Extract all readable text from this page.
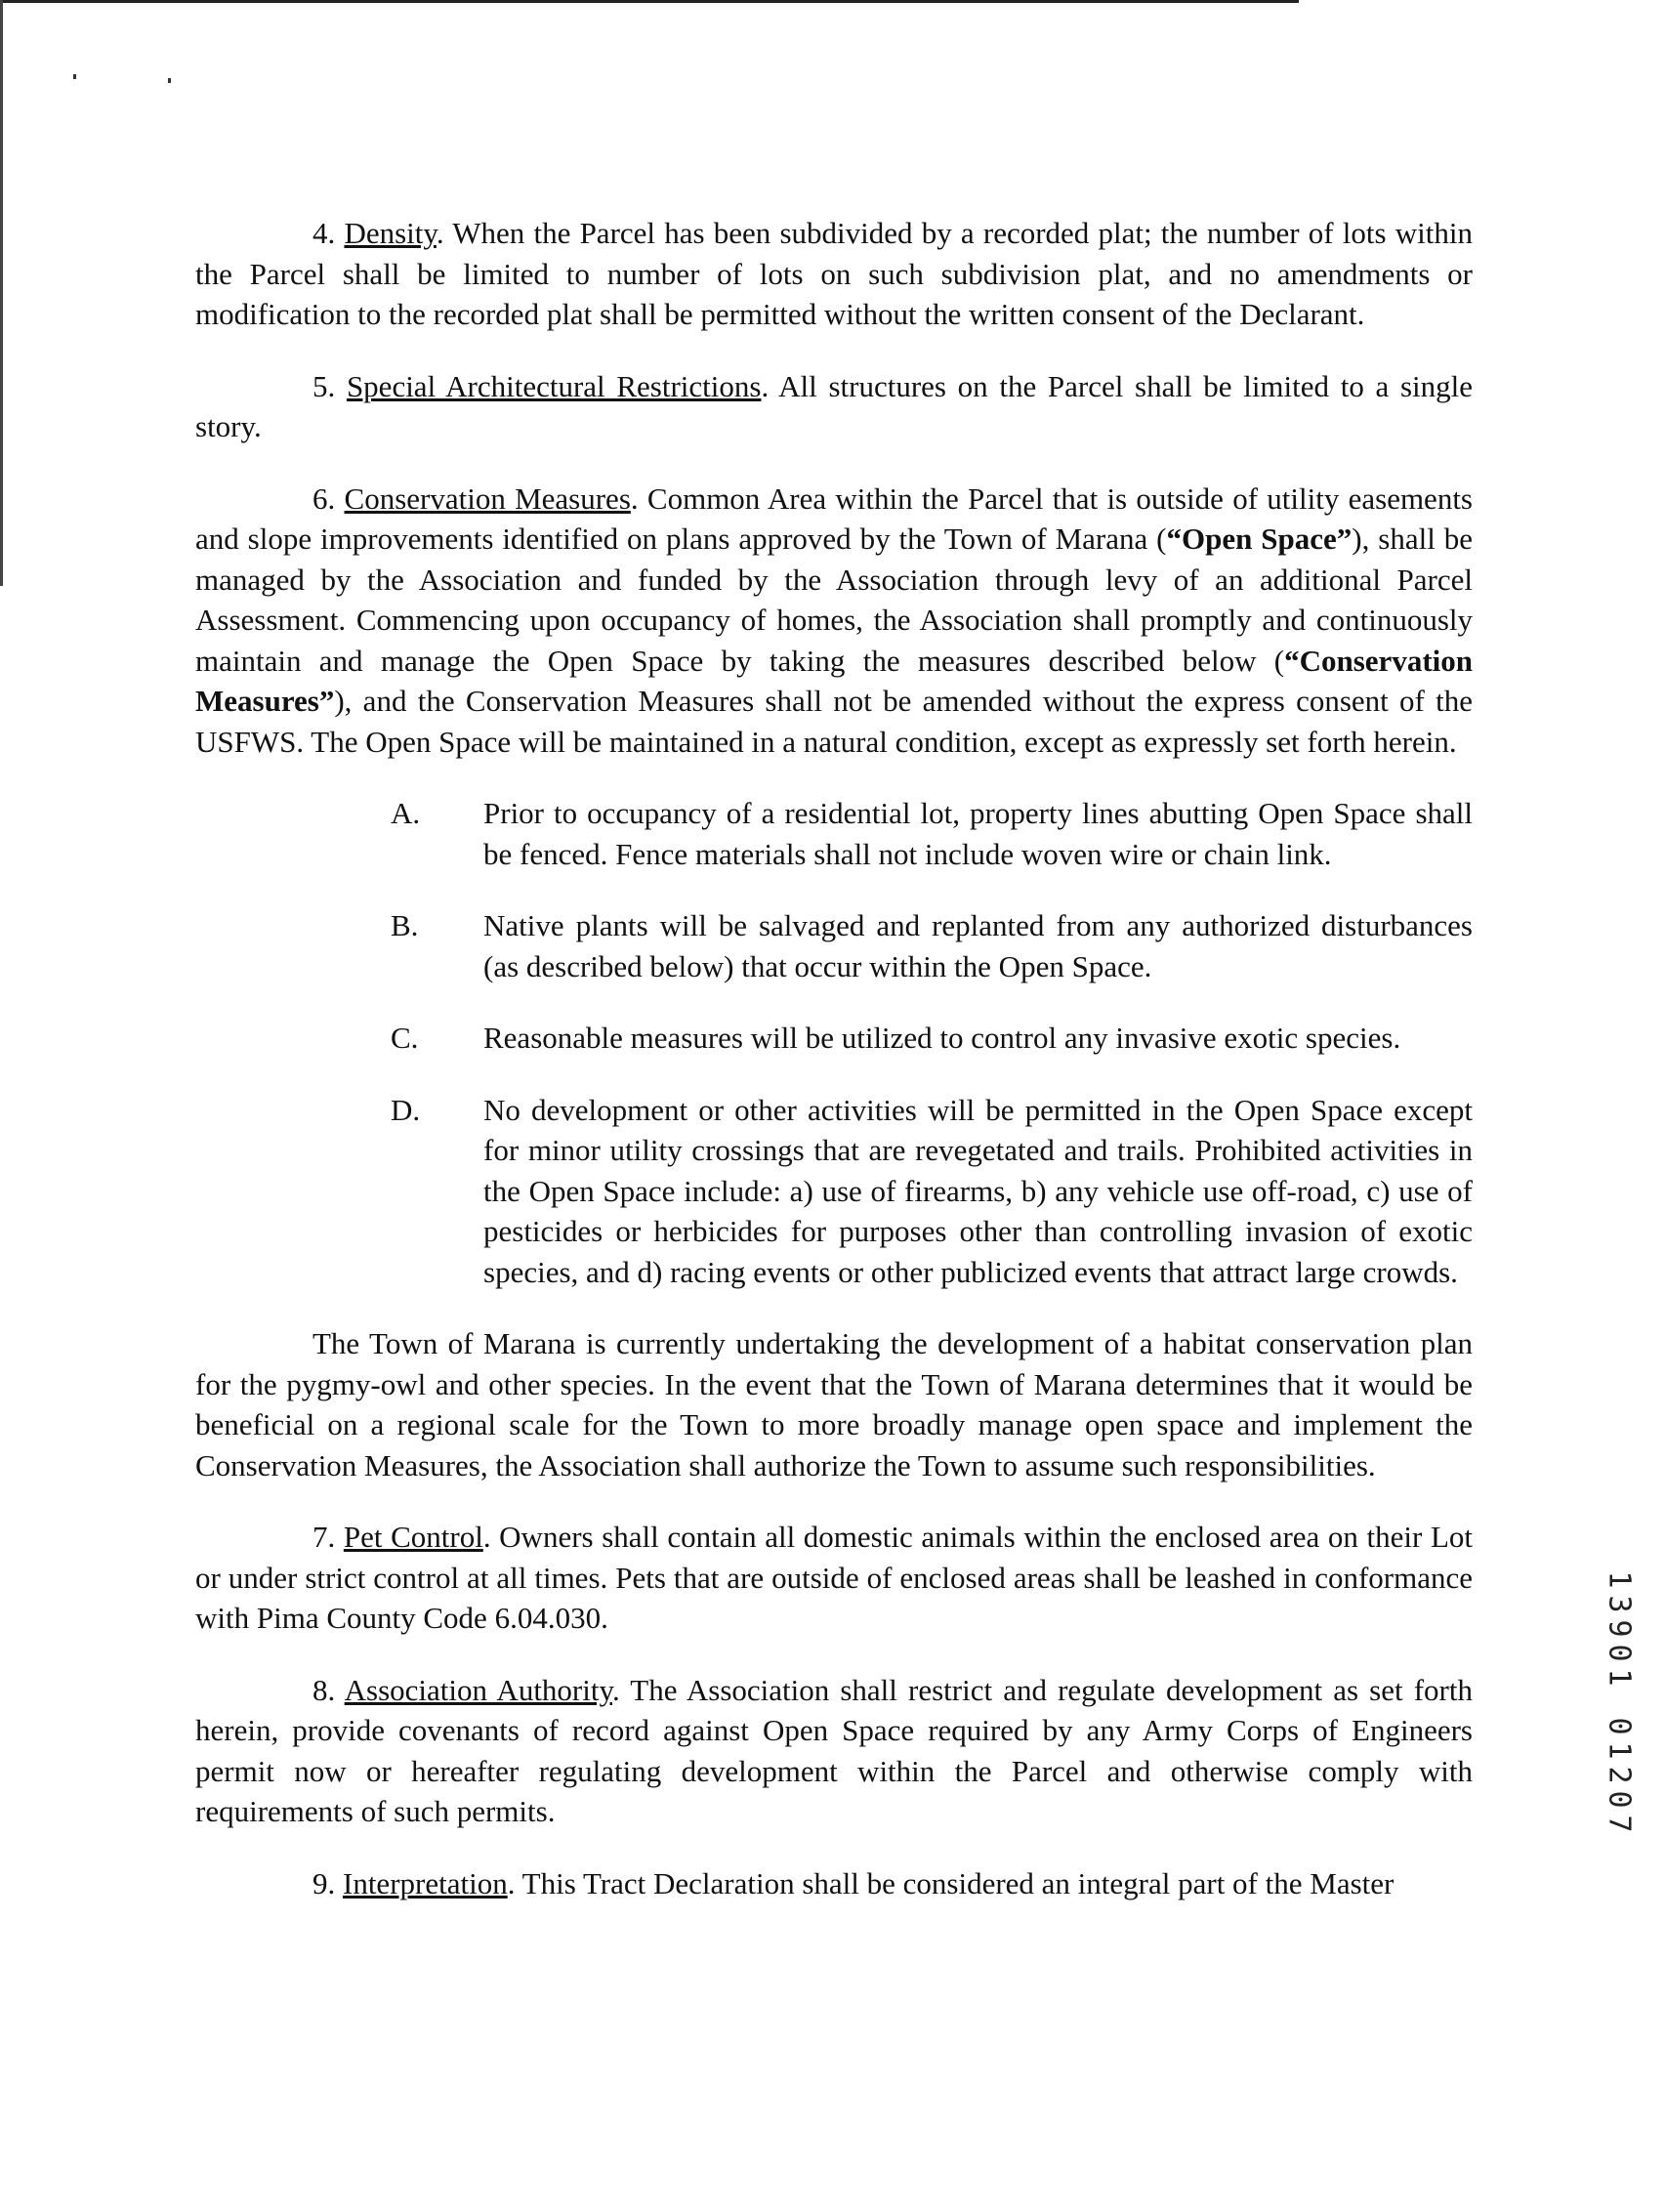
4. Density. When the Parcel has been subdivided by a recorded plat; the number of lots within the Parcel shall be limited to number of lots on such subdivision plat, and no amendments or modification to the recorded plat shall be permitted without the written consent of the Declarant.

5. Special Architectural Restrictions. All structures on the Parcel shall be limited to a single story.

6. Conservation Measures. Common Area within the Parcel that is outside of utility easements and slope improvements identified on plans approved by the Town of Marana (“Open Space”), shall be managed by the Association and funded by the Association through levy of an additional Parcel Assessment. Commencing upon occupancy of homes, the Association shall promptly and continuously maintain and manage the Open Space by taking the measures described below (“Conservation Measures”), and the Conservation Measures shall not be amended without the express consent of the USFWS. The Open Space will be maintained in a natural condition, except as expressly set forth herein.

A.	Prior to occupancy of a residential lot, property lines abutting Open Space shall be fenced. Fence materials shall not include woven wire or chain link.
B.	Native plants will be salvaged and replanted from any authorized disturbances (as described below) that occur within the Open Space.
C.	Reasonable measures will be utilized to control any invasive exotic species.
D.	No development or other activities will be permitted in the Open Space except for minor utility crossings that are revegetated and trails. Prohibited activities in the Open Space include: a) use of firearms, b) any vehicle use off-road, c) use of pesticides or herbicides for purposes other than controlling invasion of exotic species, and d) racing events or other publicized events that attract large crowds.

The Town of Marana is currently undertaking the development of a habitat conservation plan for the pygmy-owl and other species. In the event that the Town of Marana determines that it would be beneficial on a regional scale for the Town to more broadly manage open space and implement the Conservation Measures, the Association shall authorize the Town to assume such responsibilities.

7. Pet Control. Owners shall contain all domestic animals within the enclosed area on their Lot or under strict control at all times. Pets that are outside of enclosed areas shall be leashed in conformance with Pima County Code 6.04.030.

8. Association Authority. The Association shall restrict and regulate development as set forth herein, provide covenants of record against Open Space required by any Army Corps of Engineers permit now or hereafter regulating development within the Parcel and otherwise comply with requirements of such permits.

9. Interpretation. This Tract Declaration shall be considered an integral part of the Master

1
3
9
0
1
0
1
2
0
7
